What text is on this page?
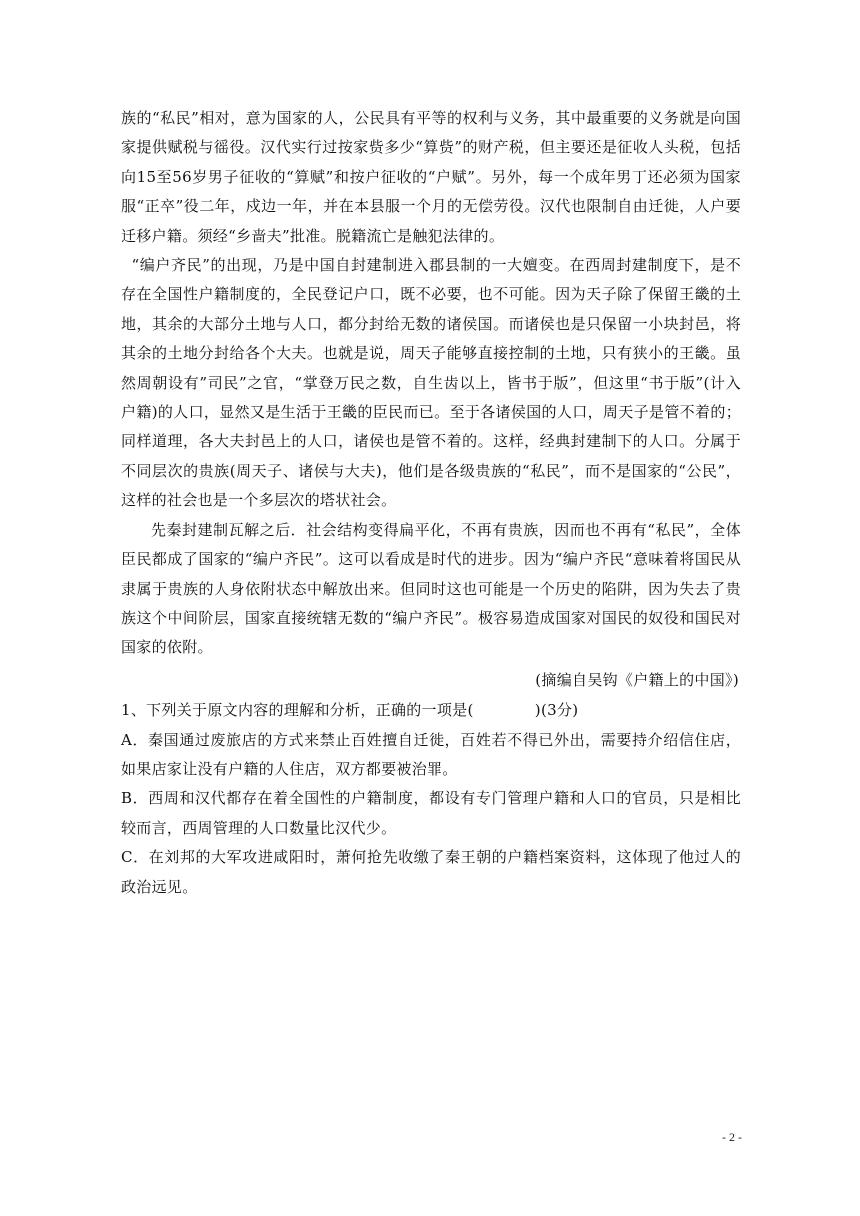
族的“私民”相对，意为国家的人，公民具有平等的权利与义务，其中最重要的义务就是向国家提供赋税与徭役。汉代实行过按家赀多少“算赀”的财产税，但主要还是征收人头税，包括向15至56岁男子征收的“算赋”和按户征收的“户赋”。另外，每一个成年男丁还必须为国家服“正卒”役二年，戍边一年，并在本县服一个月的无偿劳役。汉代也限制自由迁徙，人户要迁移户籍。须经“乡啬夫”批准。脱籍流亡是触犯法律的。

“编户齐民”的出现，乃是中国自封建制进入郡县制的一大嬗变。在西周封建制度下，是不存在全国性户籍制度的，全民登记户口，既不必要，也不可能。因为天子除了保留王畿的土地，其余的大部分土地与人口，都分封给无数的诸侯国。而诸侯也是只保留一小块封邑，将其余的土地分封给各个大夫。也就是说，周天子能够直接控制的土地，只有狭小的王畿。虽然周朝设有”司民”之官，“掌登万民之数，自生齿以上，皆书于版”，但这里“书于版”(计入户籍)的人口，显然又是生活于王畿的臣民而已。至于各诸侯国的人口，周天子是管不着的；同样道理，各大夫封邑上的人口，诸侯也是管不着的。这样，经典封建制下的人口。分属于不同层次的贵族(周天子、诸侯与大夫)，他们是各级贵族的“私民”，而不是国家的“公民”，这样的社会也是一个多层次的塔状社会。

先秦封建制瓦解之后．社会结构变得扁平化，不再有贵族，因而也不再有“私民”，全体臣民都成了国家的“编户齐民”。这可以看成是时代的进步。因为“编户齐民“意味着将国民从隶属于贵族的人身依附状态中解放出来。但同时这也可能是一个历史的陷阱，因为失去了贵族这个中间阶层，国家直接统辖无数的“编户齐民”。极容易造成国家对国民的奴役和国民对国家的依附。

(摘编自吴钩《户籍上的中国》)

1、下列关于原文内容的理解和分析，正确的一项是(　　　　)(3分)

A．秦国通过废旅店的方式来禁止百姓擅自迁徙，百姓若不得已外出，需要持介绍信住店，如果店家让没有户籍的人住店，双方都要被治罪。

B．西周和汉代都存在着全国性的户籍制度，都设有专门管理户籍和人口的官员，只是相比较而言，西周管理的人口数量比汉代少。

C．在刘邦的大军攻进咸阳时，萧何抢先收缴了秦王朝的户籍档案资料，这体现了他过人的政治远见。

- 2 -
